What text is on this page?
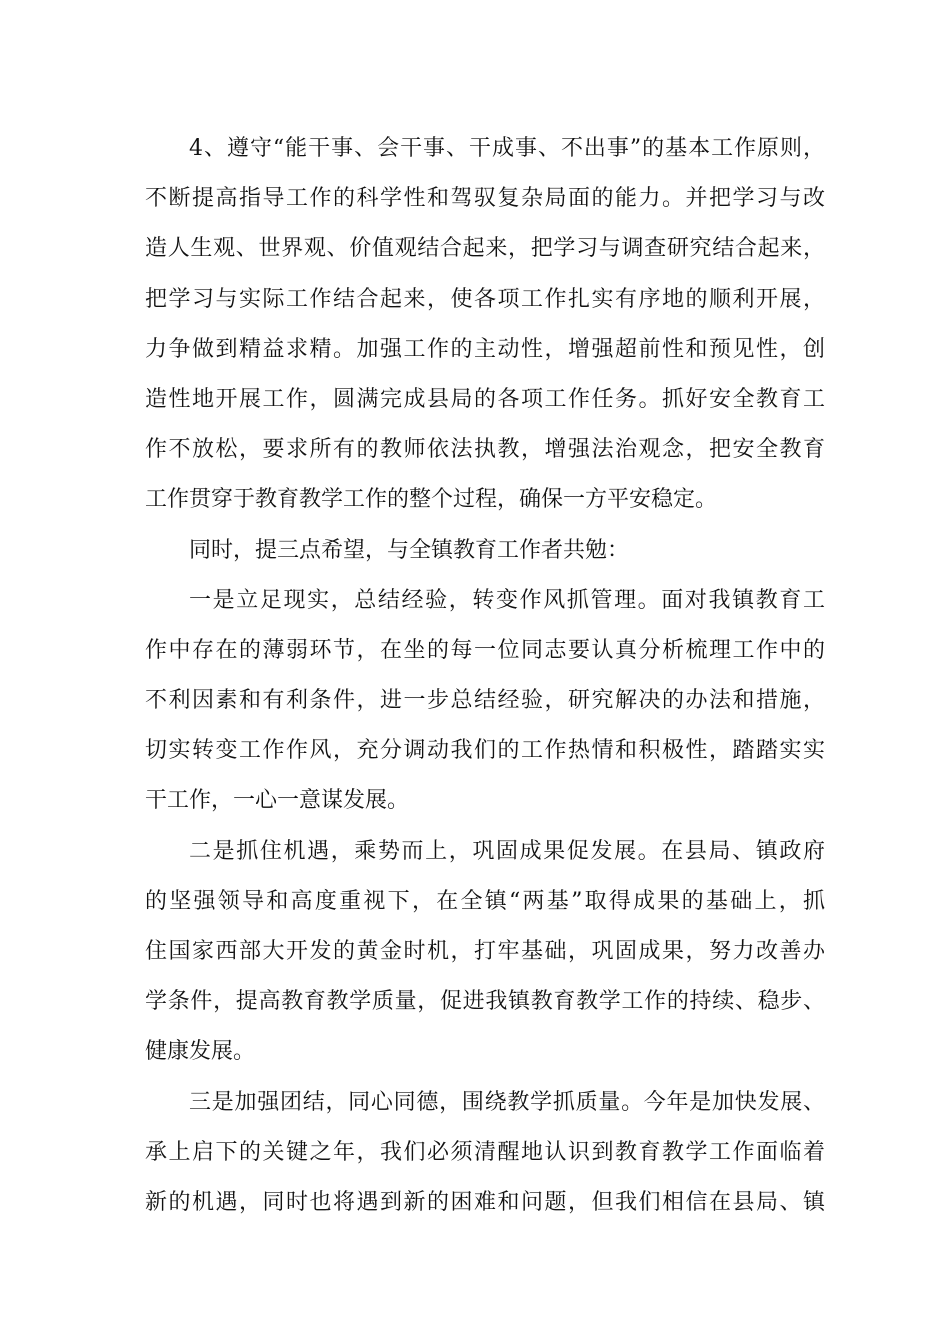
4、遵守“能干事、会干事、干成事、不出事”的基本工作原则，
不断提高指导工作的科学性和驾驭复杂局面的能力。并把学习与改
造人生观、世界观、价值观结合起来，把学习与调查研究结合起来，
把学习与实际工作结合起来，使各项工作扎实有序地的顺利开展，
力争做到精益求精。加强工作的主动性，增强超前性和预见性，创
造性地开展工作，圆满完成县局的各项工作任务。抓好安全教育工
作不放松，要求所有的教师依法执教，增强法治观念，把安全教育
工作贯穿于教育教学工作的整个过程，确保一方平安稳定。
同时，提三点希望，与全镇教育工作者共勉：
一是立足现实，总结经验，转变作风抓管理。面对我镇教育工
作中存在的薄弱环节，在坐的每一位同志要认真分析梳理工作中的
不利因素和有利条件，进一步总结经验，研究解决的办法和措施，
切实转变工作作风，充分调动我们的工作热情和积极性，踏踏实实
干工作，一心一意谋发展。
二是抓住机遇，乘势而上，巩固成果促发展。在县局、镇政府
的坚强领导和高度重视下，在全镇“两基”取得成果的基础上，抓
住国家西部大开发的黄金时机，打牢基础，巩固成果，努力改善办
学条件，提高教育教学质量，促进我镇教育教学工作的持续、稳步、
健康发展。
三是加强团结，同心同德，围绕教学抓质量。今年是加快发展、
承上启下的关键之年，我们必须清醒地认识到教育教学工作面临着
新的机遇，同时也将遇到新的困难和问题，但我们相信在县局、镇
